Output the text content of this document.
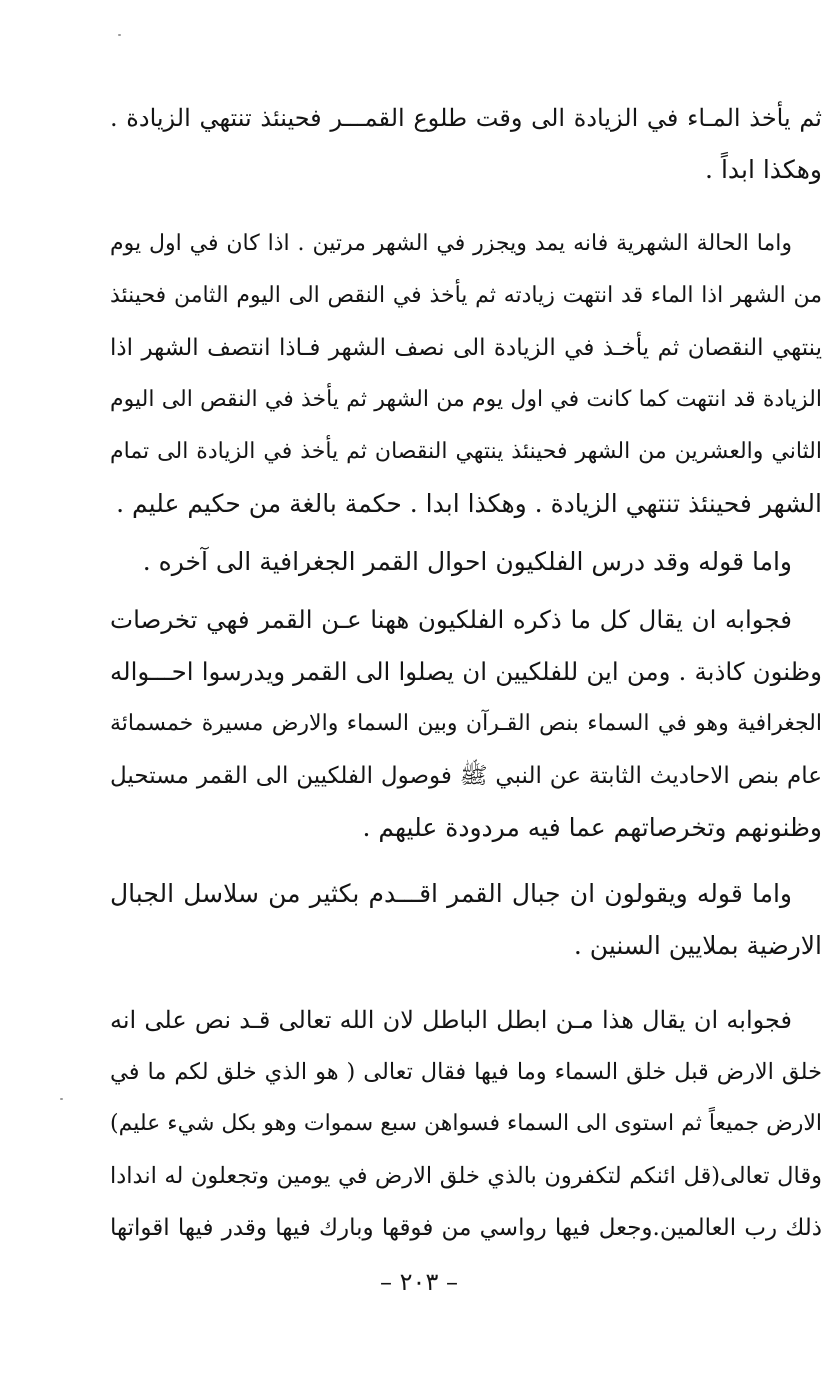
ثم يأخذ المـاء في الزيادة الى وقت طلوع القمـــر فحينئذ تنتهي الزيادة .
وهكذا ابداً .
واما الحالة الشهرية فانه يمد ويجزر في الشهر مرتين . اذا كان في اول يوم
من الشهر اذا الماء قد انتهت زيادته ثم يأخذ في النقص الى اليوم الثامن فحينئذ
ينتهي النقصان ثم يأخـذ في الزيادة الى نصف الشهر فـاذا انتصف الشهر اذا
الزيادة قد انتهت كما كانت في اول يوم من الشهر ثم يأخذ في النقص الى اليوم
الثاني والعشرين من الشهر فحينئذ ينتهي النقصان ثم يأخذ في الزيادة الى تمام
الشهر فحينئذ تنتهي الزيادة . وهكذا ابدا . حكمة بالغة من حكيم عليم .
واما قوله وقد درس الفلكيون احوال القمر الجغرافية الى آخره .
فجوابه ان يقال كل ما ذكره الفلكيون ههنا عـن القمر فهي تخرصات
وظنون كاذبة . ومن اين للفلكيين ان يصلوا الى القمر ويدرسوا احـــواله
الجغرافية وهو في السماء بنص القـرآن وبين السماء والارض مسيرة خمسمائة
عام بنص الاحاديث الثابتة عن النبي ﷺ فوصول الفلكيين الى القمر مستحيل
وظنونهم وتخرصاتهم عما فيه مردودة عليهم .
واما قوله ويقولون ان جبال القمر اقـــدم بكثير من سلاسل الجبال
الارضية بملايين السنين .
فجوابه ان يقال هذا مـن ابطل الباطل لان الله تعالى قـد نص على انه
خلق الارض قبل خلق السماء وما فيها فقال تعالى ( هو الذي خلق لكم ما في
الارض جميعاً ثم استوى الى السماء فسواهن سبع سموات وهو بكل شيء عليم)
وقال تعالى(قل ائنكم لتكفرون بالذي خلق الارض في يومين وتجعلون له اندادا
ذلك رب العالمين.وجعل فيها رواسي من فوقها وبارك فيها وقدر فيها اقواتها
– ٢٠٣ –
